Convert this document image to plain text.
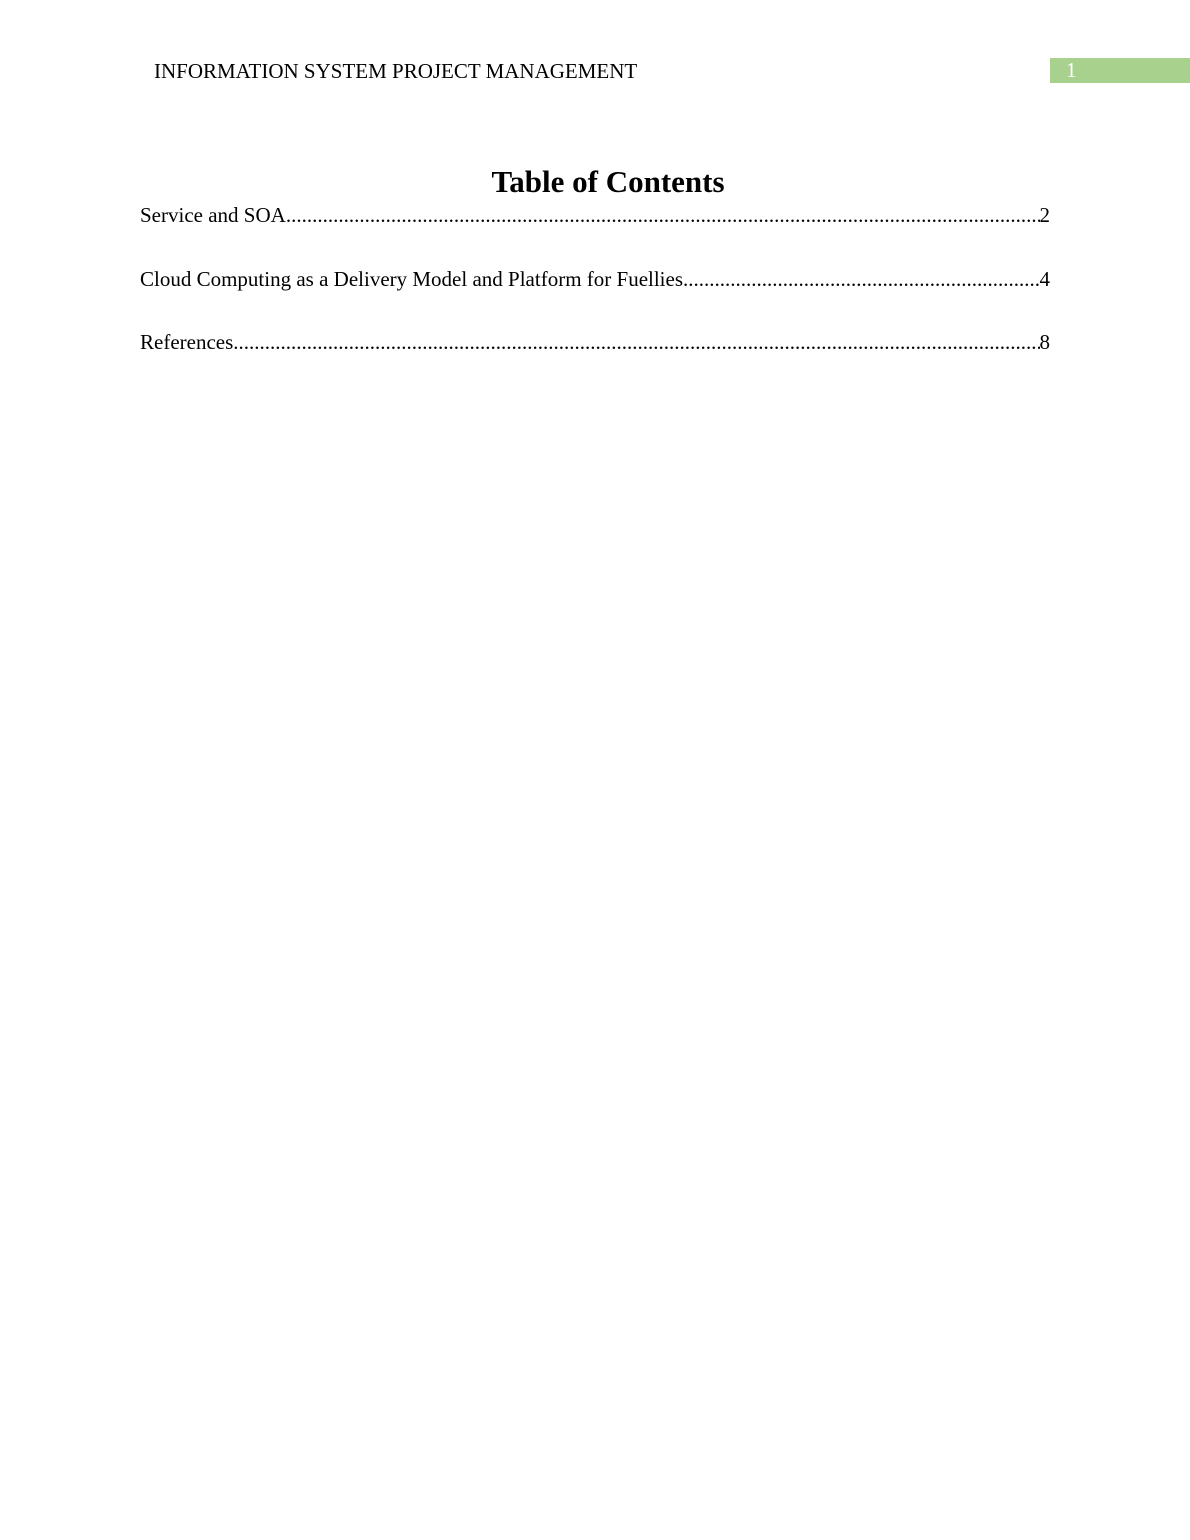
INFORMATION SYSTEM PROJECT MANAGEMENT	1
Table of Contents
Service and SOA .....	2
Cloud Computing as a Delivery Model and Platform for Fuellies .....	4
References .....	8
